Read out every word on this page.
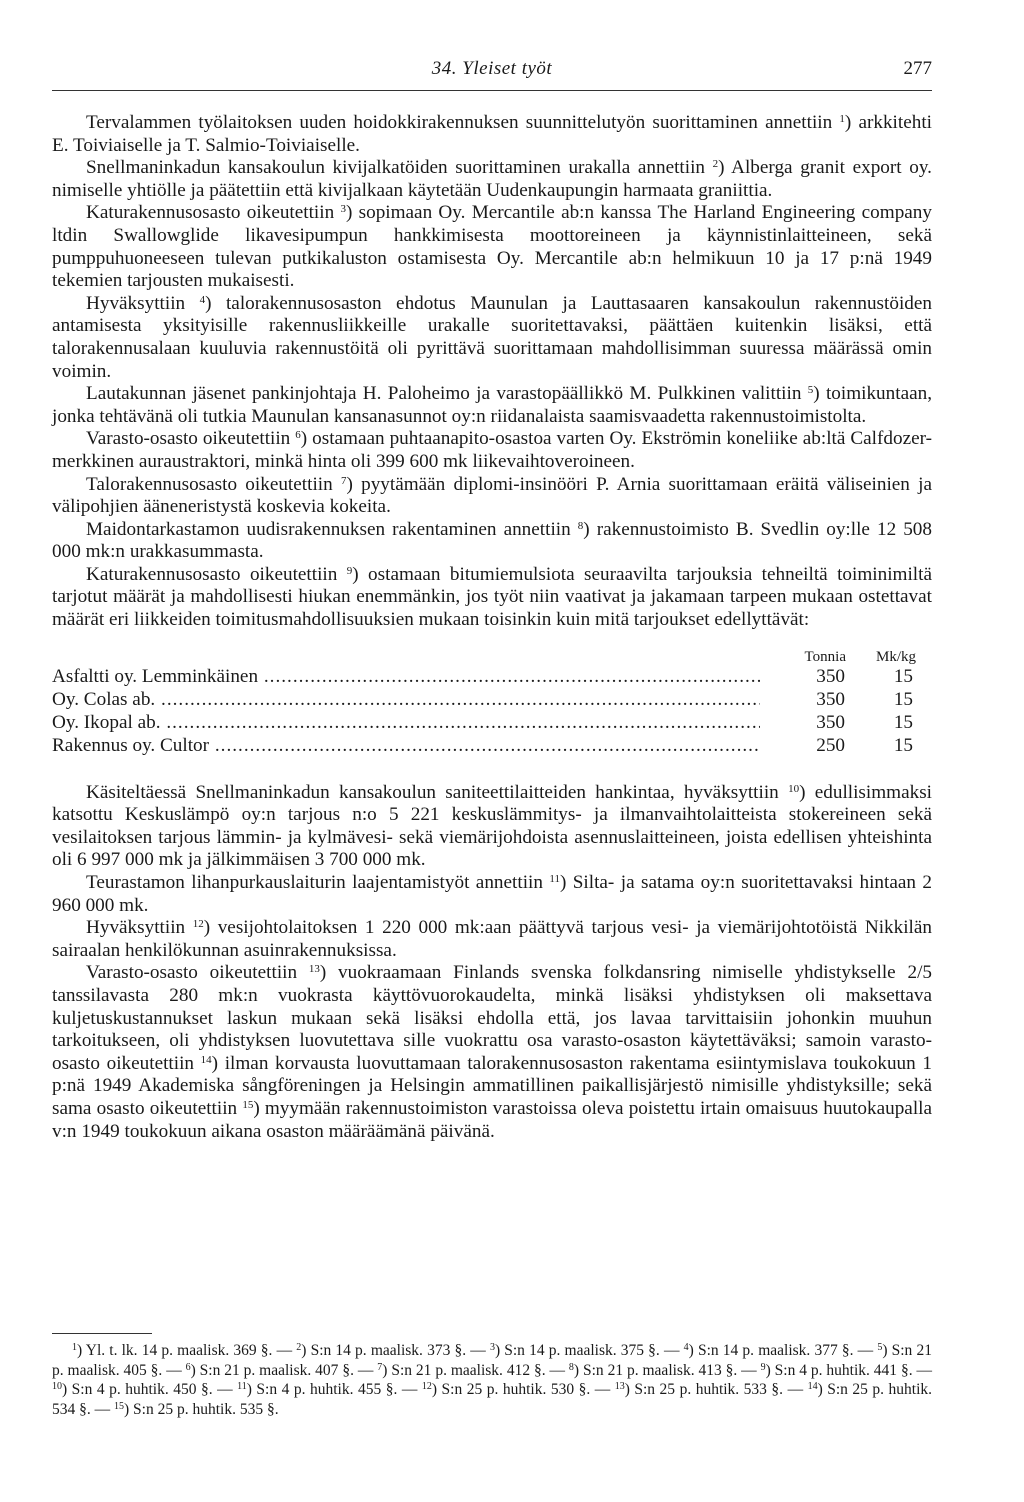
34. Yleiset työt	277

Tervalammen työlaitoksen uuden hoidokkirakennuksen suunnittelutyön suorittaminen annettiin $^1$) arkkitehti E. Toiviaiselle ja T. Salmio-Toiviaiselle.

Snellmaninkadun kansakoulun kivijalkatöiden suorittaminen urakalla annettiin $^2$) Alberga granit export oy. nimiselle yhtiölle ja päätettiin että kivijalkaan käytetään Uudenkaupungin harmaata graniittia.

Katurakennusosasto oikeutettiin $^3$) sopimaan Oy. Mercantile ab:n kanssa The Harland Engineering company ltdin Swallowglide likavesipumpun hankkimisesta moottoreineen ja käynnistinlaitteineen, sekä pumppuhuoneeseen tulevan putkikaluston ostamisesta Oy. Mercantile ab:n helmikuun 10 ja 17 p:nä 1949 tekemien tarjousten mukaisesti.

Hyväksyttiin $^4$) talorakennusosaston ehdotus Maunulan ja Lauttasaaren kansakoulun rakennustöiden antamisesta yksityisille rakennusliikkeille urakalle suoritettavaksi, päättäen kuitenkin lisäksi, että talorakennusalaan kuuluvia rakennustöitä oli pyrittävä suorittamaan mahdollisimman suuressa määrässä omin voimin.

Lautakunnan jäsenet pankinjohtaja H. Paloheimo ja varastopäällikkö M. Pulkkinen valittiin $^5$) toimikuntaan, jonka tehtävänä oli tutkia Maunulan kansanasunnot oy:n riidanalaista saamisvaadetta rakennustoimistolta.

Varasto-osasto oikeutettiin $^6$) ostamaan puhtaanapito-osastoa varten Oy. Ekströmin koneliike ab:ltä Calfdozer-merkkinen auraustraktori, minkä hinta oli 399 600 mk liikevaihtoveroineen.

Talorakennusosasto oikeutettiin $^7$) pyytämään diplomi-insinööri P. Arnia suorittamaan eräitä väliseinien ja välipohjien ääneneristystä koskevia kokeita.

Maidontarkastamon uudisrakennuksen rakentaminen annettiin $^8$) rakennustoimisto B. Svedlin oy:lle 12 508 000 mk:n urakkasummasta.

Katurakennusosasto oikeutettiin $^9$) ostamaan bitumiemulsiota seuraavilta tarjouksia tehneiltä toiminimiltä tarjotut määrät ja mahdollisesti hiukan enemmänkin, jos työt niin vaativat ja jakamaan tarpeen mukaan ostettavat määrät eri liikkeiden toimitusmahdollisuuksien mukaan toisinkin kuin mitä tarjoukset edellyttävät:

Tonnia Mk/kg
Asfaltti oy. Lemminkäinen .....	350	15
Oy. Colas ab. .....	350	15
Oy. Ikopal ab. .....	350	15
Rakennus oy. Cultor .....	250	15

Käsiteltäessä Snellmaninkadun kansakoulun saniteettilaitteiden hankintaa, hyväksyttiin $^{10}$) edullisimmaksi katsottu Keskuslämpö oy:n tarjous n:o 5 221 keskuslämmitys- ja ilmanvaihtolaitteista stokereineen sekä vesilaitoksen tarjous lämmin- ja kylmävesi- sekä viemärijohdoista asennuslaitteineen, joista edellisen yhteishinta oli 6 997 000 mk ja jälkimmäisen 3 700 000 mk.

Teurastamon lihanpurkauslaiturin laajentamistyöt annettiin $^{11}$) Silta- ja satama oy:n suoritettavaksi hintaan 2 960 000 mk.

Hyväksyttiin $^{12}$) vesijohtolaitoksen 1 220 000 mk:aan päättyvä tarjous vesi- ja viemärijohtotöistä Nikkilän sairaalan henkilökunnan asuinrakennuksissa.

Varasto-osasto oikeutettiin $^{13}$) vuokraamaan Finlands svenska folkdansring nimiselle yhdistykselle 2/5 tanssilavasta 280 mk:n vuokrasta käyttövuorokaudelta, minkä lisäksi yhdistyksen oli maksettava kuljetuskustannukset laskun mukaan sekä lisäksi ehdolla että, jos lavaa tarvittaisiin johonkin muuhun tarkoitukseen, oli yhdistyksen luovutettava sille vuokrattu osa varasto-osaston käytettäväksi; samoin varasto-osasto oikeutettiin $^{14}$) ilman korvausta luovuttamaan talorakennusosaston rakentama esiintymislava toukokuun 1 p:nä 1949 Akademiska sångföreningen ja Helsingin ammatillinen paikallisjärjestö nimisille yhdistyksille; sekä sama osasto oikeutettiin $^{15}$) myymään rakennustoimiston varastoissa oleva poistettu irtain omaisuus huutokaupalla v:n 1949 toukokuun aikana osaston määräämänä päivänä.

$^1$) Yl. t. lk. 14 p. maalisk. 369 §. — $^2$) S:n 14 p. maalisk. 373 §. — $^3$) S:n 14 p. maalisk. 375 §. — $^4$) S:n 14 p. maalisk. 377 §. — $^5$) S:n 21 p. maalisk. 405 §. — $^6$) S:n 21 p. maalisk. 407 §. — $^7$) S:n 21 p. maalisk. 412 §. — $^8$) S:n 21 p. maalisk. 413 §. — $^9$) S:n 4 p. huhtik. 441 §. — $^{10}$) S:n 4 p. huhtik. 450 §. — $^{11}$) S:n 4 p. huhtik. 455 §. — $^{12}$) S:n 25 p. huhtik. 530 §. — $^{13}$) S:n 25 p. huhtik. 533 §. — $^{14}$) S:n 25 p. huhtik. 534 §. — $^{15}$) S:n 25 p. huhtik. 535 §.
